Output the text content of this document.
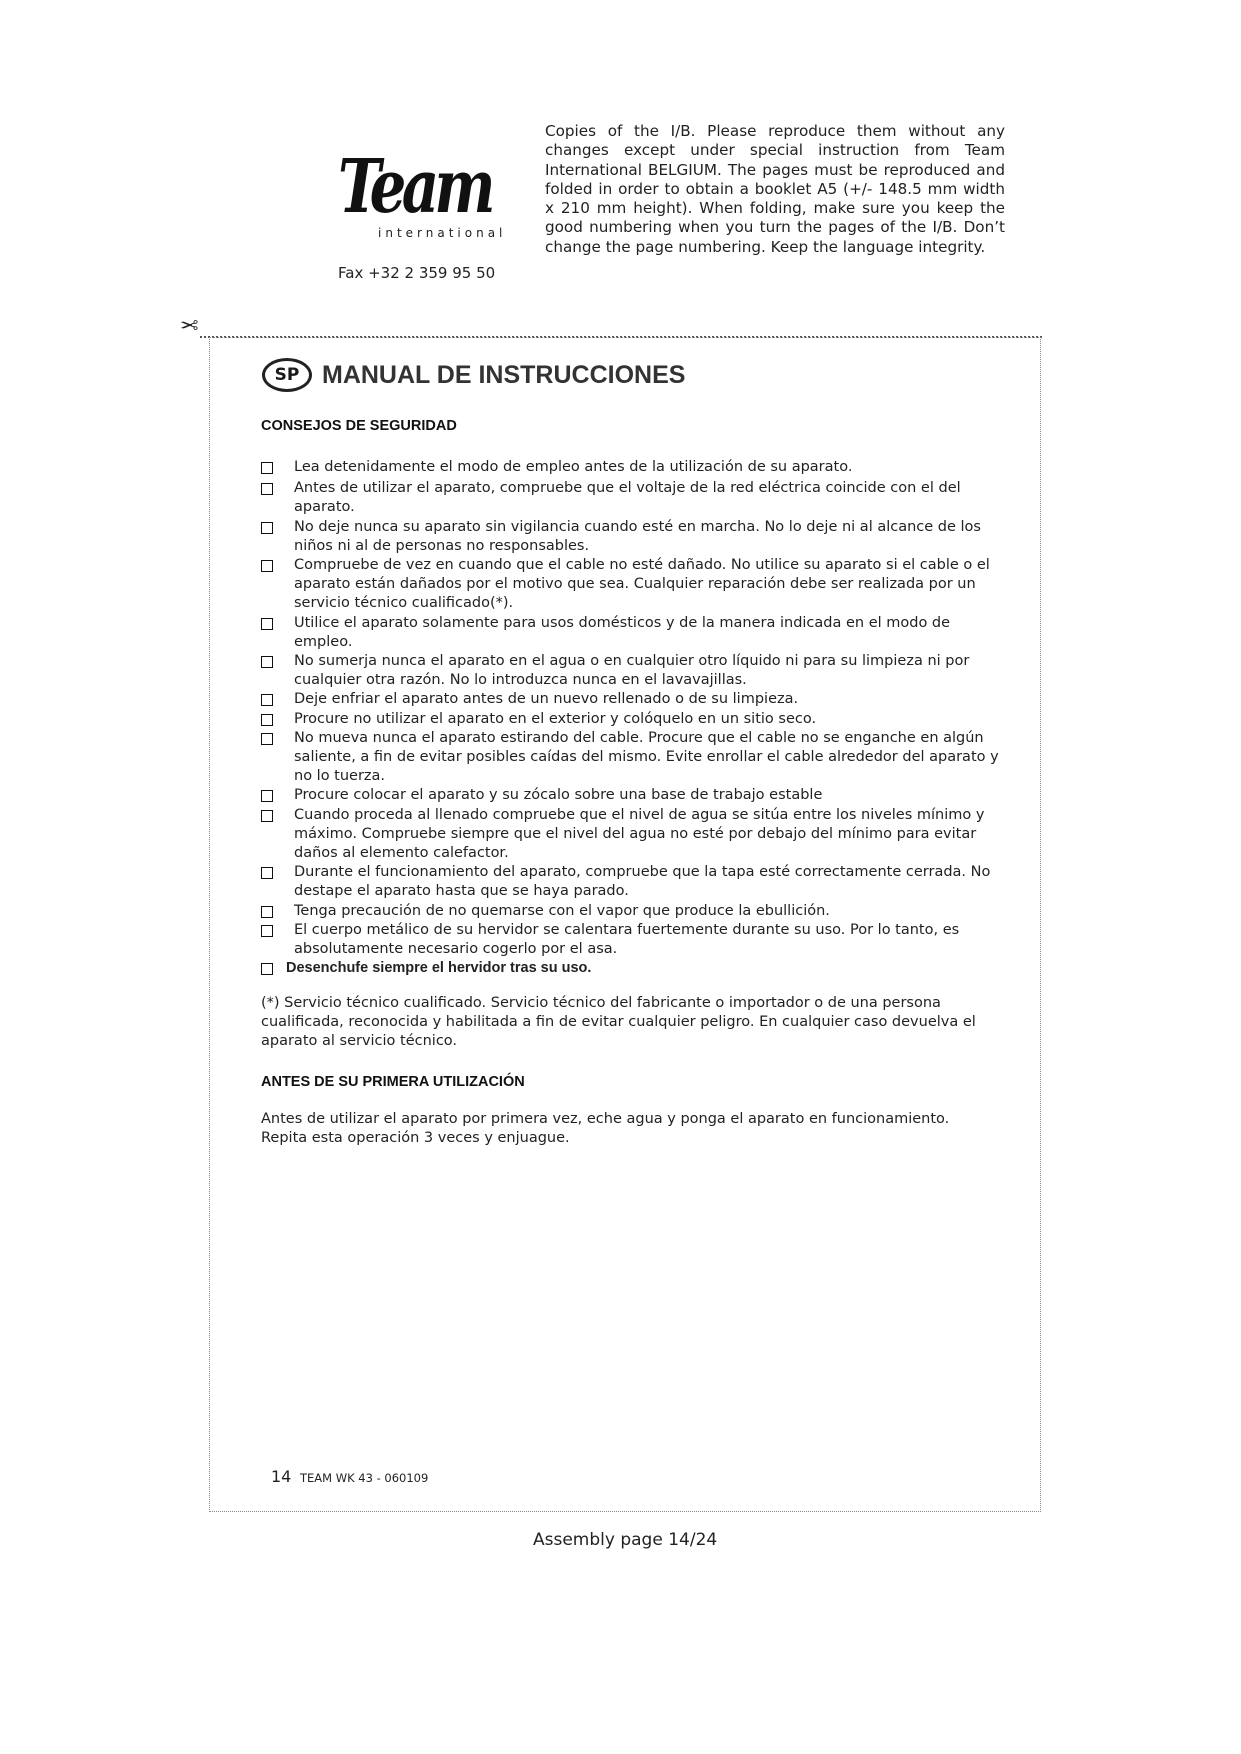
Team
international
Fax +32 2 359 95 50
Copies of the I/B. Please reproduce them without any changes except under special instruction from Team International BELGIUM. The pages must be reproduced and folded in order to obtain a booklet A5 (+/- 148.5 mm width x 210 mm height). When folding, make sure you keep the good numbering when you turn the pages of the I/B. Don’t change the page numbering. Keep the language integrity.
✂
SP MANUAL DE INSTRUCCIONES
CONSEJOS DE SEGURIDAD
Lea detenidamente el modo de empleo antes de la utilización de su aparato.
Antes de utilizar el aparato, compruebe que el voltaje de la red eléctrica coincide con el del aparato.
No deje nunca su aparato sin vigilancia cuando esté en marcha. No lo deje ni al alcance de los niños ni al de personas no responsables.
Compruebe de vez en cuando que el cable no esté dañado. No utilice su aparato si el cable o el aparato están dañados por el motivo que sea. Cualquier reparación debe ser realizada por un servicio técnico cualificado(*).
Utilice el aparato solamente para usos domésticos y de la manera indicada en el modo de empleo.
No sumerja nunca el aparato en el agua o en cualquier otro líquido ni para su limpieza ni por cualquier otra razón. No lo introduzca nunca en el lavavajillas.
Deje enfriar el aparato antes de un nuevo rellenado o de su limpieza.
Procure no utilizar el aparato en el exterior y colóquelo en un sitio seco.
No mueva nunca el aparato estirando del cable. Procure que el cable no se enganche en algún saliente, a fin de evitar posibles caídas del mismo. Evite enrollar el cable alrededor del aparato y no lo tuerza.
Procure colocar el aparato y su zócalo sobre una base de trabajo estable
Cuando proceda al llenado compruebe que el nivel de agua se sitúa entre los niveles mínimo y máximo. Compruebe siempre que el nivel del agua no esté por debajo del mínimo para evitar daños al elemento calefactor.
Durante el funcionamiento del aparato, compruebe que la tapa esté correctamente cerrada. No destape el aparato hasta que se haya parado.
Tenga precaución de no quemarse con el vapor que produce la ebullición.
El cuerpo metálico de su hervidor se calentara fuertemente durante su uso. Por lo tanto, es absolutamente necesario cogerlo por el asa.
Desenchufe siempre el hervidor tras su uso.
(*) Servicio técnico cualificado. Servicio técnico del fabricante o importador o de una persona cualificada, reconocida y habilitada a fin de evitar cualquier peligro. En cualquier caso devuelva el aparato al servicio técnico.
ANTES DE SU PRIMERA UTILIZACIÓN
Antes de utilizar el aparato por primera vez, eche agua y ponga el aparato en funcionamiento.
Repita esta operación 3 veces y enjuague.
14 TEAM WK 43 - 060109
Assembly page 14/24
